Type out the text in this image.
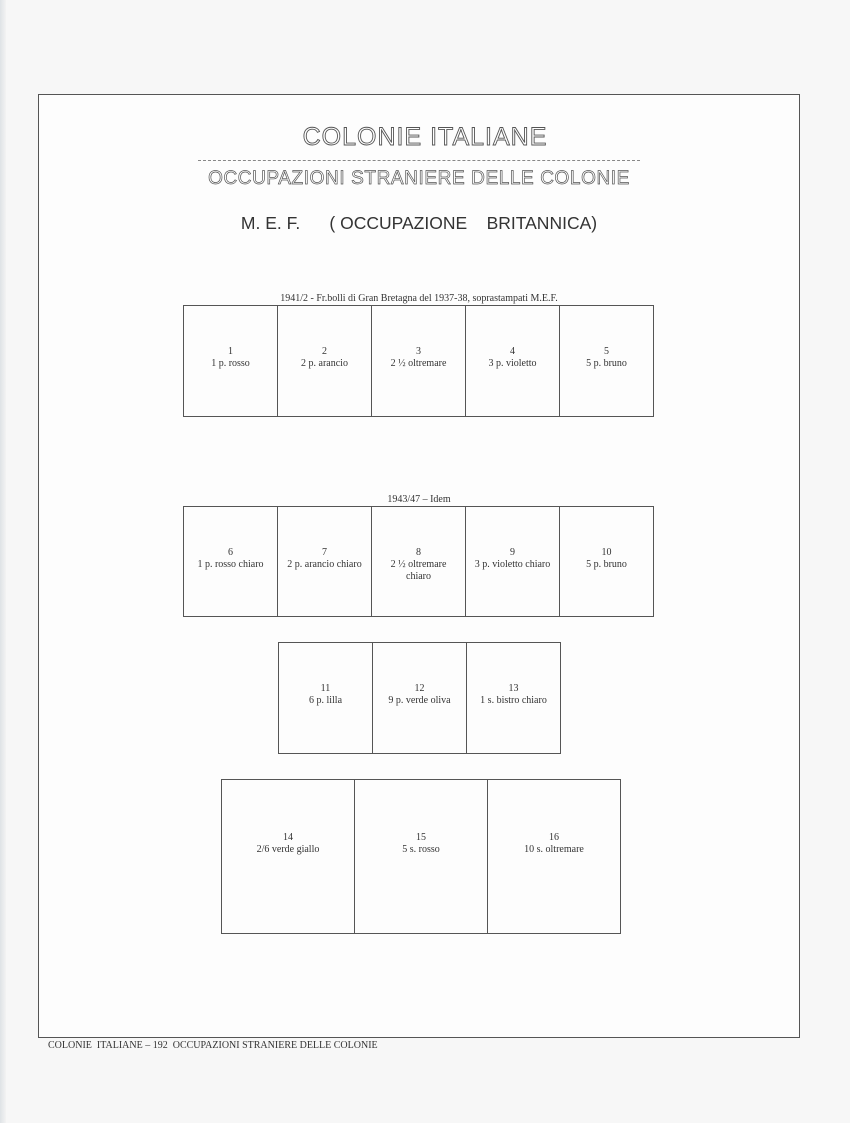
COLONIE ITALIANE
OCCUPAZIONI STRANIERE DELLE COLONIE
M. E. F.      ( OCCUPAZIONE    BRITANNICA)
1941/2 - Fr.bolli di Gran Bretagna del 1937-38, soprastampati M.E.F.
1
1 p. rosso
2
2 p. arancio
3
2 ½ oltremare
4
3 p. violetto
5
5 p. bruno
1943/47 – Idem
6
1 p. rosso chiaro
7
2 p. arancio chiaro
8
2 ½ oltremare chiaro
9
3 p. violetto chiaro
10
5 p. bruno
11
6 p. lilla
12
9 p. verde oliva
13
1 s. bistro chiaro
14
2/6 verde giallo
15
5 s. rosso
16
10 s. oltremare
COLONIE  ITALIANE – 192  OCCUPAZIONI STRANIERE DELLE COLONIE
